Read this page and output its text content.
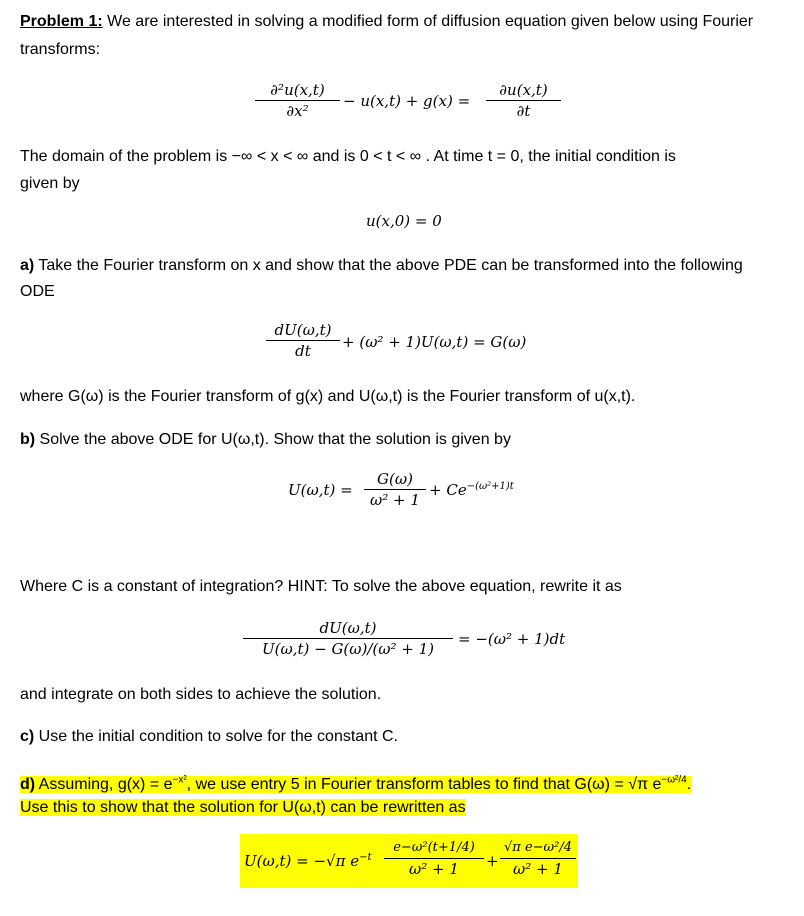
Problem 1: We are interested in solving a modified form of diffusion equation given below using Fourier
transforms:
∂²u(x,t)
∂x²
− u(x,t) + g(x) =
∂u(x,t)
∂t
The domain of the problem is −∞ < x < ∞ and is 0 < t < ∞ . At time t = 0, the initial condition is
given by
u(x,0) = 0
a) Take the Fourier transform on x and show that the above PDE can be transformed into the following
ODE
dU(ω,t)
dt	+ (ω² + 1)U(ω,t) = G(ω)
where G(ω) is the Fourier transform of g(x) and U(ω,t) is the Fourier transform of u(x,t).
b) Solve the above ODE for U(ω,t). Show that the solution is given by
U(ω,t) =
G(ω)
ω² + 1
+ $Ce^{-(\omega^2+1)t}$
Where C is a constant of integration? HINT: To solve the above equation, rewrite it as
dU(ω,t)
U(ω,t) − G(ω)/(ω² + 1)
= −(ω² + 1)dt
and integrate on both sides to achieve the solution.
c) Use the initial condition to solve for the constant C.
d) Assuming, $g(x) = e^{-x^2}$, we use entry 5 in Fourier transform tables to find that G(ω) = √π $e^{-\omega^2/4}$.
Use this to show that the solution for U(ω,t) can be rewritten as
U(ω,t) = −√π $e^{-t}$
e−ω²(t+1/4)
ω² + 1	+
√π e−ω²/4
ω² + 1
